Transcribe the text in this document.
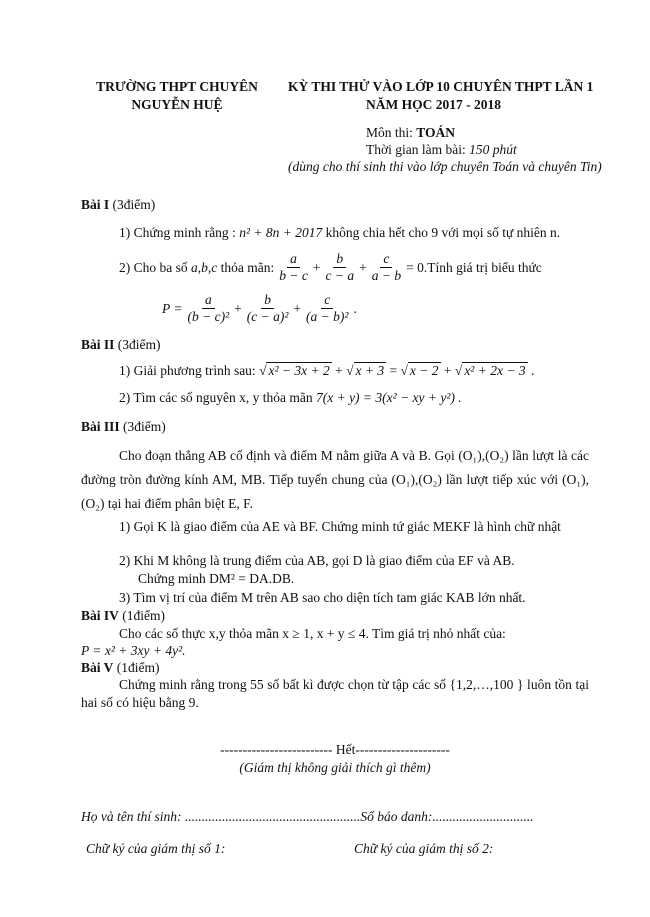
TRƯỜNG THPT CHUYÊN
NGUYỄN HUỆ
KỲ THI THỬ VÀO LỚP 10 CHUYÊN THPT LẦN 1
NĂM HỌC 2017 - 2018
Môn thi: TOÁN
Thời gian làm bài: 150 phút
(dùng cho thí sinh thi vào lớp chuyên Toán và chuyên Tin)
Bài I (3điểm)
1) Chứng minh rằng : n² + 8n + 2017 không chia hết cho 9 với mọi số tự nhiên n.
2) Cho ba số
a,b,c
thỏa mãn: $\frac{a}{b - c} + \frac{b}{c - a} + \frac{c}{a - b} = 0$. Tính giá trị biểu thức
$P = \frac{a}{\text{(b − c)²}} + \frac{b}{\text{(c − a)²}} + \frac{c}{\text{(a − b)²}}$ .
Bài II (3điểm)
1) Giải phương trình sau: √ x² − 3x + 2 + √ x + 3 = √ x − 2 + √ x² + 2x − 3 .
2) Tìm các số nguyên x, y thỏa mãn 7(x + y) = 3(x² − xy + y²) .
Bài III (3điểm)
Cho đoạn thẳng AB cố định và điểm M nằm giữa A và B. Gọi (O₁),(O₂) lần lượt là các đường tròn đường kính AM, MB. Tiếp tuyến chung của (O₁),(O₂) lần lượt tiếp xúc với (O₁),(O₂) tại hai điểm phân biệt E, F.
1) Gọi K là giao điểm của AE và BF. Chứng minh tứ giác MEKF là hình chữ nhật
2) Khi M không là trung điểm của AB, gọi D là giao điểm của EF và AB.
Chứng minh DM² = DA.DB.
3) Tìm vị trí của điểm M trên AB sao cho diện tích tam giác KAB lớn nhất.
Bài IV (1điểm)
Cho các số thực x,y thỏa mãn x ≥ 1, x + y ≤ 4. Tìm giá trị nhỏ nhất của:
P = x² + 3xy + 4y².
Bài V (1điểm)
Chứng minh rằng trong 55 số bất kì được chọn từ tập các số {1,2,…,100 } luôn tồn tại hai số có hiệu bằng 9.
------------------------- Hết---------------------
(Giám thị không giải thích gì thêm)
Họ và tên thí sinh: ....................................................Số báo danh:..............................
Chữ ký của giám thị số 1:	Chữ ký của giám thị số 2:
